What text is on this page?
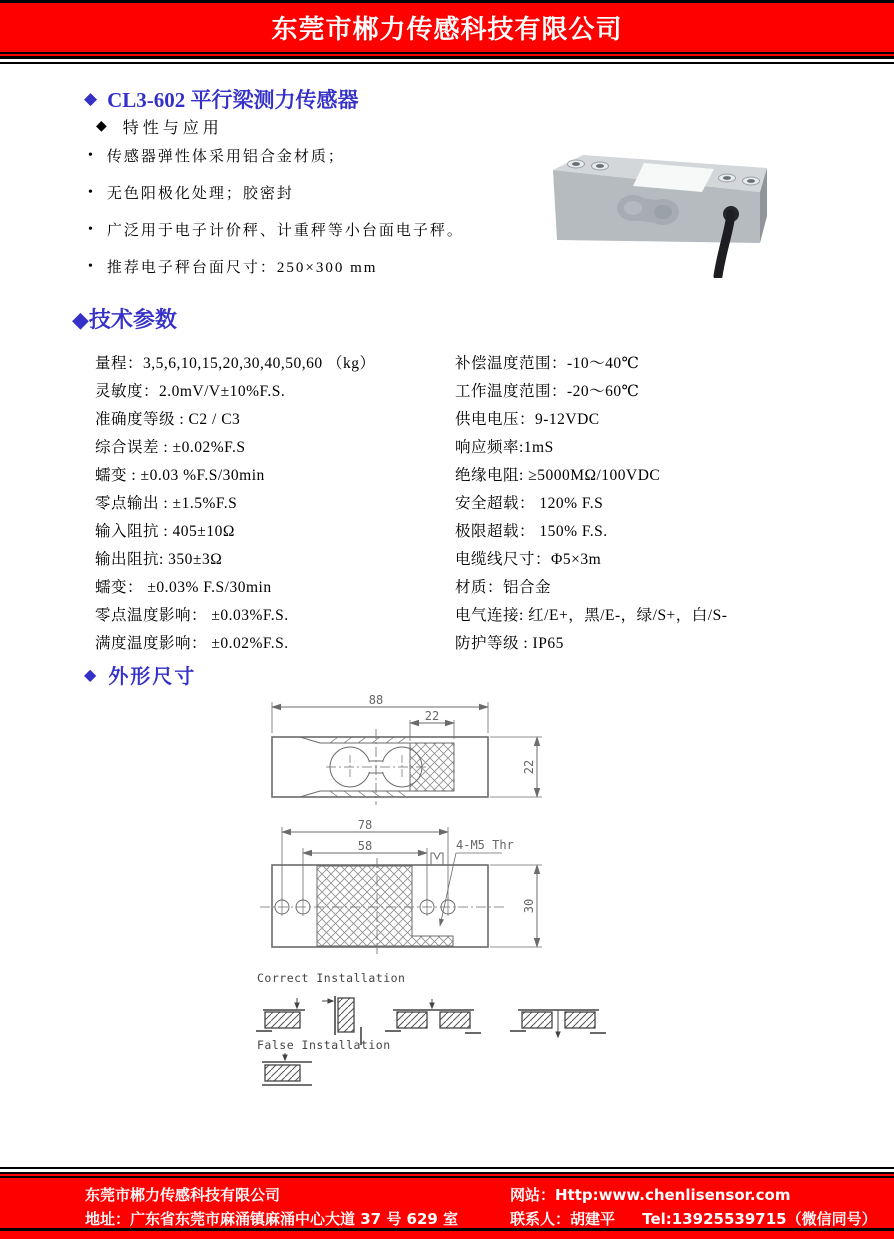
东莞市郴力传感科技有限公司
◆ CL3-602 平行梁测力传感器
◆ 特性与应用
• 传感器弹性体采用铝合金材质；
• 无色阳极化处理；胶密封
• 广泛用于电子计价秤、计重秤等小台面电子秤。
• 推荐电子秤台面尺寸：250×300 mm
◆技术参数
量程：3,5,6,10,15,20,30,40,50,60 （kg）
灵敏度：2.0mV/V±10%F.S.
准确度等级 : C2 / C3
综合误差 : ±0.02%F.S
蠕变 : ±0.03 %F.S/30min
零点输出 : ±1.5%F.S
输入阻抗 : 405±10Ω
输出阻抗: 350±3Ω
蠕变： ±0.03% F.S/30min
零点温度影响： ±0.03%F.S.
满度温度影响： ±0.02%F.S.
补偿温度范围：-10～40℃
工作温度范围：-20～60℃
供电电压：9-12VDC
响应频率:1mS
绝缘电阻: ≥5000MΩ/100VDC
安全超载： 120% F.S
极限超载： 150% F.S.
电缆线尺寸：Φ5×3m
材质：铝合金
电气连接: 红/E+，黑/E-，绿/S+，白/S-
防护等级 : IP65
◆ 外形尺寸
88
22
22
78
58
30
4-M5 Thr
Correct Installation
False Installation
东莞市郴力传感科技有限公司
地址：广东省东莞市麻涌镇麻涌中心大道 37 号 629 室
网站：Http:www.chenlisensor.com
联系人：胡建平 Tel:13925539715（微信同号）
